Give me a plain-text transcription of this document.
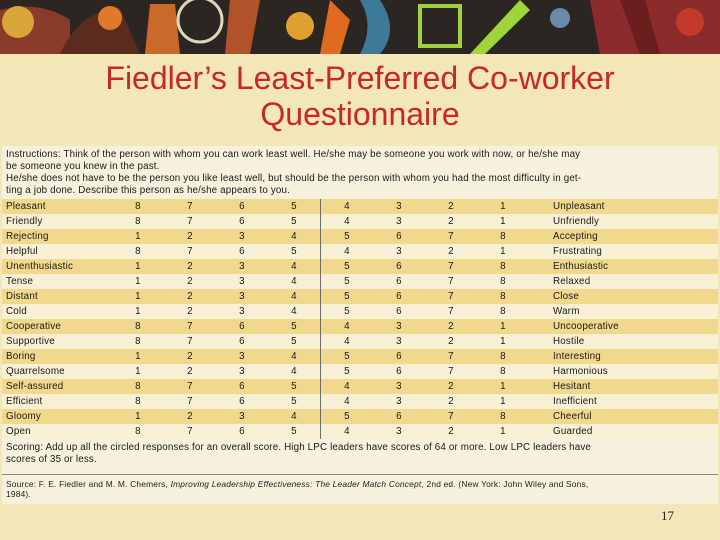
Fiedler’s Least-Preferred Co-worker
Questionnaire
Instructions: Think of the person with whom you can work least well. He/she may be someone you work with now, or he/she may
be someone you knew in the past.
He/she does not have to be the person you like least well, but should be the person with whom you had the most difficulty in get-
ting a job done. Describe this person as he/she appears to you.
Pleasant	8	7	6	5	4	3	2	1	Unpleasant
Friendly	8	7	6	5	4	3	2	1	Unfriendly
Rejecting	1	2	3	4	5	6	7	8	Accepting
Helpful	8	7	6	5	4	3	2	1	Frustrating
Unenthusiastic	1	2	3	4	5	6	7	8	Enthusiastic
Tense	1	2	3	4	5	6	7	8	Relaxed
Distant	1	2	3	4	5	6	7	8	Close
Cold	1	2	3	4	5	6	7	8	Warm
Cooperative	8	7	6	5	4	3	2	1	Uncooperative
Supportive	8	7	6	5	4	3	2	1	Hostile
Boring	1	2	3	4	5	6	7	8	Interesting
Quarrelsome	1	2	3	4	5	6	7	8	Harmonious
Self-assured	8	7	6	5	4	3	2	1	Hesitant
Efficient	8	7	6	5	4	3	2	1	Inefficient
Gloomy	1	2	3	4	5	6	7	8	Cheerful
Open	8	7	6	5	4	3	2	1	Guarded
Scoring: Add up all the circled responses for an overall score. High LPC leaders have scores of 64 or more. Low LPC leaders have
scores of 35 or less.
Source: F. E. Fiedler and M. M. Chemers, Improving Leadership Effectiveness: The Leader Match Concept, 2nd ed. (New York: John Wiley and Sons,
1984).
17
